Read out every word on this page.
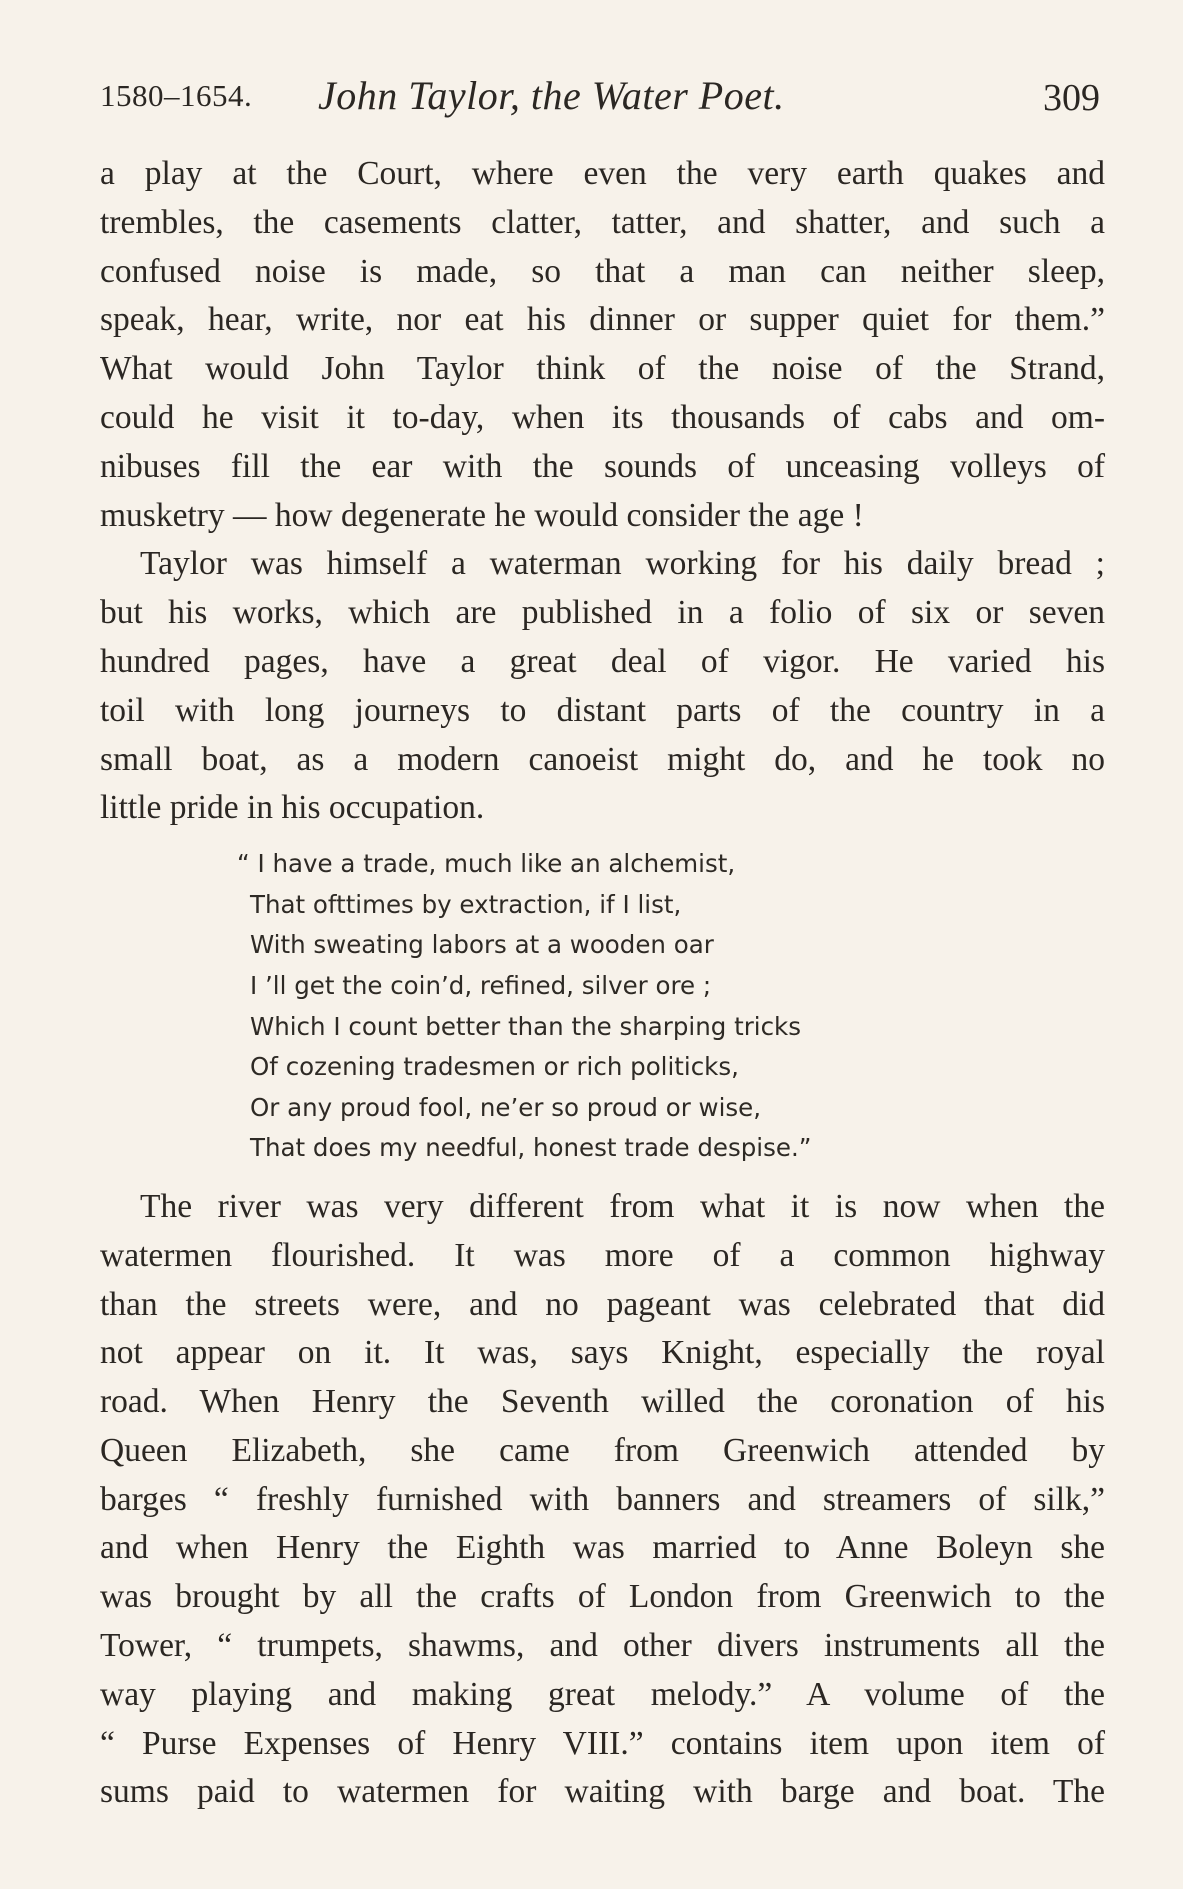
1580–1654. John Taylor, the Water Poet.	309

a play at the Court, where even the very earth quakes and
trembles, the casements clatter, tatter, and shatter, and such a
confused noise is made, so that a man can neither sleep,
speak, hear, write, nor eat his dinner or supper quiet for them.”
What would John Taylor think of the noise of the Strand,
could he visit it to-day, when its thousands of cabs and om-
nibuses fill the ear with the sounds of unceasing volleys of
musketry — how degenerate he would consider the age !

Taylor was himself a waterman working for his daily bread ;
but his works, which are published in a folio of six or seven
hundred pages, have a great deal of vigor. He varied his
toil with long journeys to distant parts of the country in a
small boat, as a modern canoeist might do, and he took no
little pride in his occupation.

“ I have a trade, much like an alchemist,
That ofttimes by extraction, if I list,
With sweating labors at a wooden oar
I ’ll get the coin’d, refined, silver ore ;
Which I count better than the sharping tricks
Of cozening tradesmen or rich politicks,
Or any proud fool, ne’er so proud or wise,
That does my needful, honest trade despise.”

The river was very different from what it is now when the
watermen flourished. It was more of a common highway
than the streets were, and no pageant was celebrated that did
not appear on it. It was, says Knight, especially the royal
road. When Henry the Seventh willed the coronation of his
Queen Elizabeth, she came from Greenwich attended by
barges “ freshly furnished with banners and streamers of silk,”
and when Henry the Eighth was married to Anne Boleyn she
was brought by all the crafts of London from Greenwich to the
Tower, “ trumpets, shawms, and other divers instruments all the
way playing and making great melody.” A volume of the
“ Purse Expenses of Henry VIII.” contains item upon item of
sums paid to watermen for waiting with barge and boat. The
